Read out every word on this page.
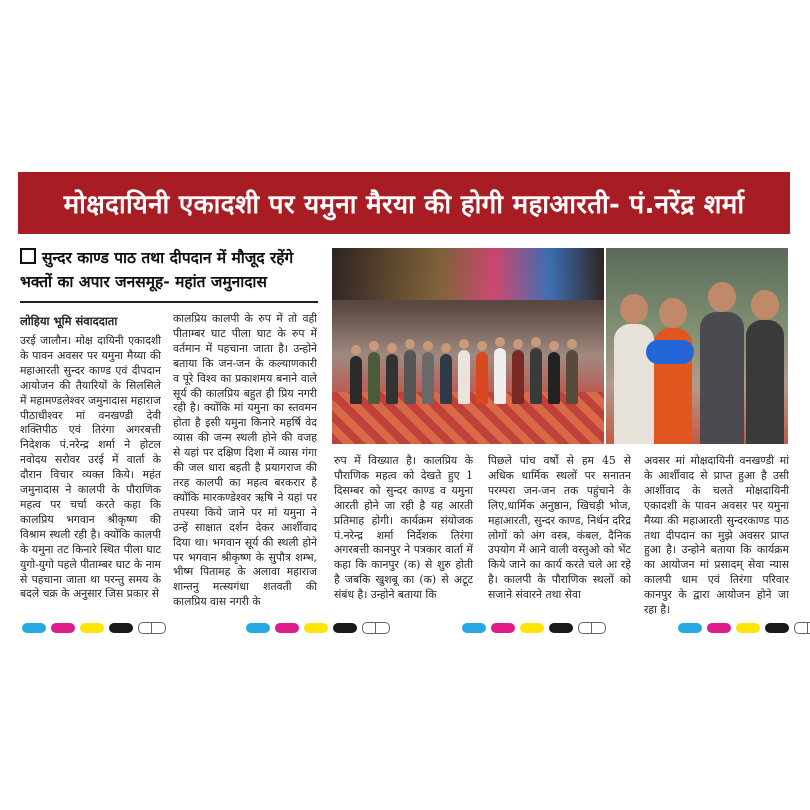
मोक्षदायिनी एकादशी पर यमुना मैरया की होगी महाआरती- पं.नरेंद्र शर्मा
सुन्दर काण्ड पाठ तथा दीपदान में मौजूद रहेंगे भक्तों का अपार जनसमूह- महांत जमुनादास
लोहिया भूमि संवाददाता

उरई जालौन। मोक्ष दायिनी एकादशी के पावन अवसर पर यमुना मैय्या की महाआरती सुन्दर काण्ड एवं दीपदान आयोजन की तैयारियों के सिलसिले में महामण्डलेश्वर जमुनादास महाराज पीठाधीश्वर मां वनखण्डी देवी शक्तिपीठ एवं तिरंगा अगरबत्ती निदेशक पं.नरेन्द्र शर्मा ने होटल नवोदय सरोवर उरई में वार्ता के दौरान विचार व्यक्त किये। महंत जमुनादास ने कालपी के पौराणिक महत्व पर चर्चा करते कहा कि कालप्रिय भगवान श्रीकृष्ण की विश्राम स्थली रही है। क्योंकि कालपी के यमुना तट किनारे स्थित पीला घाट युगो-युगो पहले पीताम्बर घाट के नाम से पहचाना जाता था परन्तु समय के बदले चक्र के अनुसार जिस प्रकार से

कालप्रिय कालपी के रुप में तो वही पीताम्बर घाट पीला घाट के रुप में वर्तमान में पहचाना जाता है। उन्होने बताया कि जन-जन के कल्याणकारी व पूरे विश्व का प्रकाशमय बनाने वाले सूर्य की कालप्रिय बहुत ही प्रिय नगरी रही है। क्योंकि मां यमुना का स्तवमन होता है इसी यमुना किनारे महर्षि वेद व्यास की जन्म स्थली होने की वजह से यहां पर दक्षिण दिशा में व्यास गंगा की जल धारा बहती है प्रयागराज की तरह कालपी का महत्व बरकरार है क्योंकि मारकण्डेश्वर ऋषि ने यहां पर तपस्या किये जाने पर मां यमुना ने उन्हें साक्षात दर्शन देकर आर्शीवाद दिया था। भगवान सूर्य की स्थली होने पर भगवान श्रीकृष्ण के सुपौत्र शम्भ, भीष्म पितामह के अलावा महाराज शान्तनु मत्स्यगंधा शतवती की कालप्रिय वास नगरी के

रुप में विख्यात है। कालप्रिय के पौराणिक महत्व को देखते हुए 1 दिसम्बर को सुन्दर काण्ड व यमुना आरती होने जा रही है यह आरती प्रतिमाह होगी। कार्यक्रम संयोजक पं.नरेन्द्र शर्मा निर्देशक तिरंगा अगरबत्ती कानपुर ने पत्रकार वार्ता में कहा कि कानपुर (क) से शुरु होती है जबकि खुशबू का (क) से अटूट संबंध है। उन्होने बताया कि

पिछले पांच वर्षो से हम 45 से अधिक धार्मिक स्थलों पर सनातन परम्परा जन-जन तक पहुंचाने के लिए,धार्मिक अनुष्ठान, खिचड़ी भोज, महाआरती, सुन्दर काण्ड, निर्धन दरिद्र लोगों को अंग वस्त्र, कंबल, दैनिक उपयोग में आने वाली वस्तुओ को भेंट किये जाने का कार्य करते चले आ रहे है। कालपी के पौराणिक स्थलों को सजाने संवारने तथा सेवा

अवसर मां मोक्षदायिनी वनखण्डी मां के आर्शीवाद से प्राप्त हुआ है उसी आर्शीवाद के चलते मोक्षदायिनी एकादशी के पावन अवसर पर यमुना मैय्या की महाआरती सुन्दरकाण्ड पाठ तथा दीपदान का मुझे अवसर प्राप्त हुआ है। उन्होने बताया कि कार्यक्रम का आयोजन मां प्रसादम् सेवा न्यास कालपी धाम एवं तिरंगा परिवार कानपुर के द्वारा आयोजन होने जा रहा है।
